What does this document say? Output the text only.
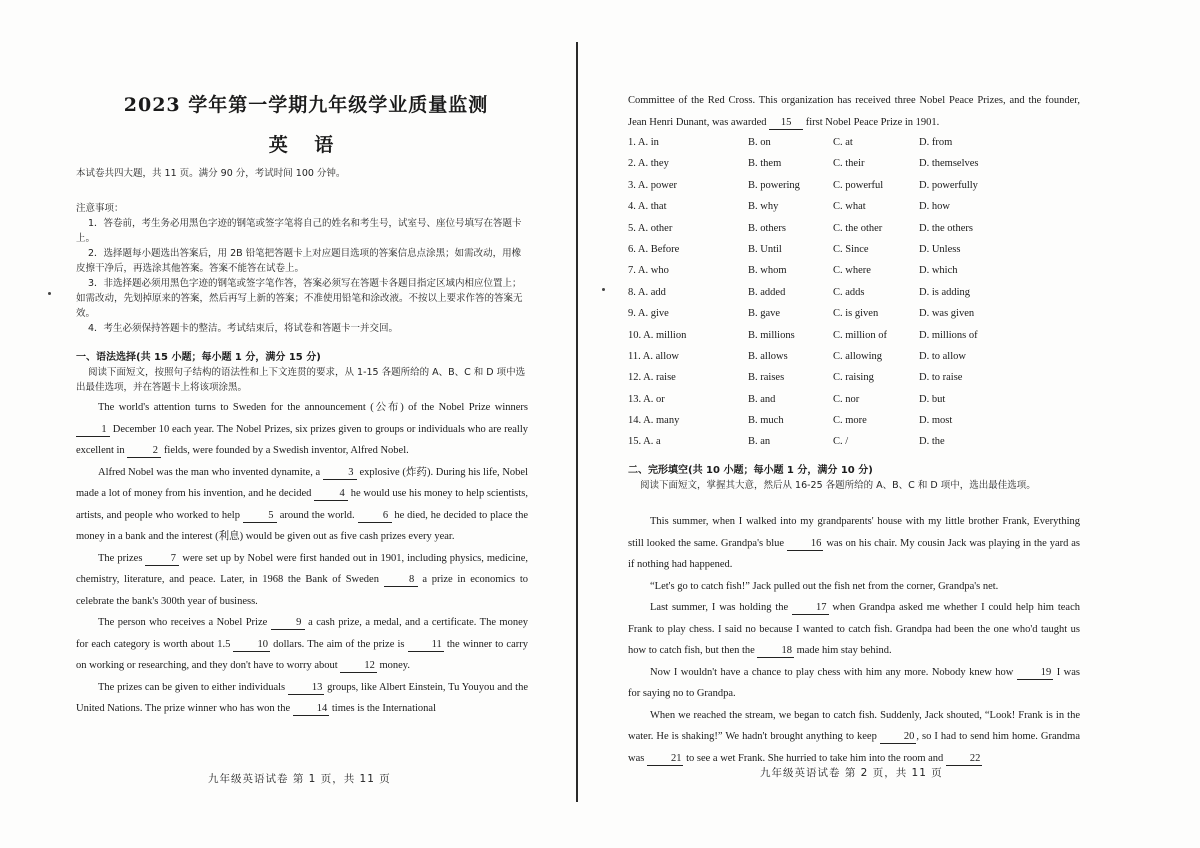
2023 学年第一学期九年级学业质量监测
英 语
本试卷共四大题，共 11 页。满分 90 分，考试时间 100 分钟。
注意事项：
1．答卷前，考生务必用黑色字迹的钢笔或签字笔将自己的姓名和考生号，试室号、座位号填写在答题卡上。
2．选择题每小题选出答案后，用 2B 铅笔把答题卡上对应题目选项的答案信息点涂黑；如需改动，用橡皮擦干净后，再选涂其他答案。答案不能答在试卷上。
3．非选择题必须用黑色字迹的钢笔或签字笔作答，答案必须写在答题卡各题目指定区域内相应位置上；如需改动，先划掉原来的答案，然后再写上新的答案；不准使用铅笔和涂改液。不按以上要求作答的答案无效。
4．考生必须保持答题卡的整洁。考试结束后，将试卷和答题卡一并交回。
一、语法选择(共 15 小题；每小题 1 分，满分 15 分)
阅读下面短文，按照句子结构的语法性和上下文连贯的要求，从 1-15 各题所给的 A、B、C 和 D 项中选出最佳选项，并在答题卡上将该项涂黑。

The world's attention turns to Sweden for the announcement (公布) of the Nobel Prize winners 1 December 10 each year. The Nobel Prizes, six prizes given to groups or individuals who are really excellent in 2 fields, were founded by a Swedish inventor, Alfred Nobel.

Alfred Nobel was the man who invented dynamite, a 3 explosive (炸药). During his life, Nobel made a lot of money from his invention, and he decided 4 he would use his money to help scientists, artists, and people who worked to help 5 around the world. 6 he died, he decided to place the money in a bank and the interest (利息) would be given out as five cash prizes every year.

The prizes 7 were set up by Nobel were first handed out in 1901, including physics, medicine, chemistry, literature, and peace. Later, in 1968 the Bank of Sweden 8 a prize in economics to celebrate the bank's 300th year of business.

The person who receives a Nobel Prize 9 a cash prize, a medal, and a certificate. The money for each category is worth about 1.5 10 dollars. The aim of the prize is 11 the winner to carry on working or researching, and they don't have to worry about 12 money.

The prizes can be given to either individuals 13 groups, like Albert Einstein, Tu Youyou and the United Nations. The prize winner who has won the 14 times is the International

九年级英语试卷 第 1 页，共 11 页

Committee of the Red Cross. This organization has received three Nobel Peace Prizes, and the founder, Jean Henri Dunant, was awarded 15 first Nobel Peace Prize in 1901.

1. A. in	B. on	C. at	D. from
2. A. they	B. them	C. their	D. themselves
3. A. power	B. powering	C. powerful	D. powerfully
4. A. that	B. why	C. what	D. how
5. A. other	B. others	C. the other	D. the others
6. A. Before	B. Until	C. Since	D. Unless
7. A. who	B. whom	C. where	D. which
8. A. add	B. added	C. adds	D. is adding
9. A. give	B. gave	C. is given	D. was given
10. A. million	B. millions	C. million of	D. millions of
11. A. allow	B. allows	C. allowing	D. to allow
12. A. raise	B. raises	C. raising	D. to raise
13. A. or	B. and	C. nor	D. but
14. A. many	B. much	C. more	D. most
15. A. a	B. an	C. /	D. the
二、完形填空(共 10 小题；每小题 1 分，满分 10 分)
阅读下面短文，掌握其大意，然后从 16-25 各题所给的 A、B、C 和 D 项中，选出最佳选项。

This summer, when I walked into my grandparents' house with my little brother Frank, Everything still looked the same. Grandpa's blue 16 was on his chair. My cousin Jack was playing in the yard as if nothing had happened.

“Let's go to catch fish!” Jack pulled out the fish net from the corner, Grandpa's net.

Last summer, I was holding the 17 when Grandpa asked me whether I could help him teach Frank to play chess. I said no because I wanted to catch fish. Grandpa had been the one who'd taught us how to catch fish, but then the 18 made him stay behind.

Now I wouldn't have a chance to play chess with him any more. Nobody knew how 19 I was for saying no to Grandpa.

When we reached the stream, we began to catch fish. Suddenly, Jack shouted, “Look! Frank is in the water. He is shaking!” We hadn't brought anything to keep 20 , so I had to send him home. Grandma was 21 to see a wet Frank. She hurried to take him into the room and 22

九年级英语试卷 第 2 页，共 11 页
